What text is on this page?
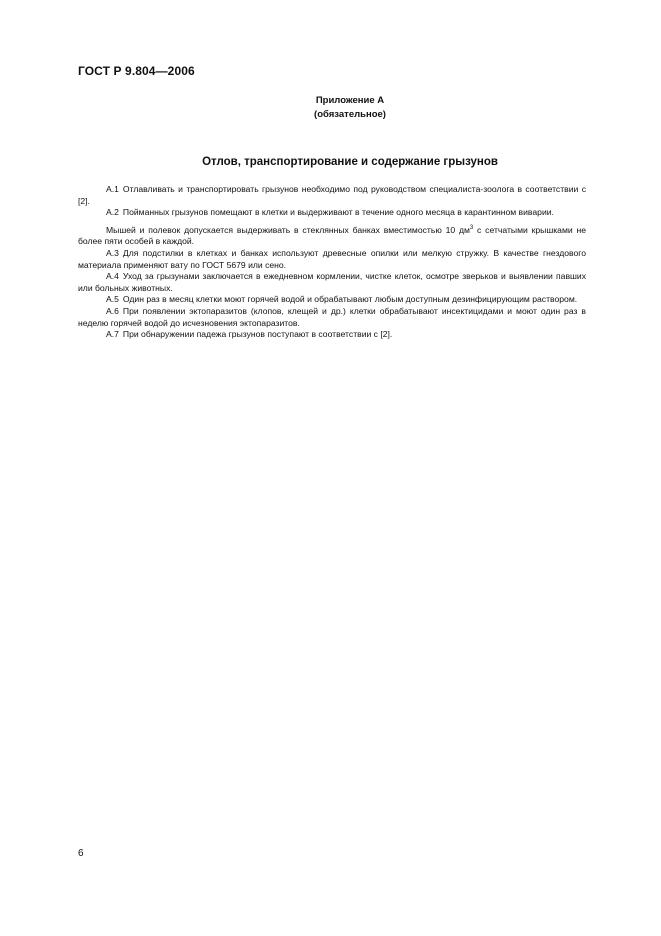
ГОСТ Р 9.804—2006
Приложение А
(обязательное)
Отлов, транспортирование и содержание грызунов

А.1 Отлавливать и транспортировать грызунов необходимо под руководством специалиста-зоолога в соответствии с [2].

А.2 Пойманных грызунов помещают в клетки и выдерживают в течение одного месяца в карантинном виварии.

Мышей и полевок допускается выдерживать в стеклянных банках вместимостью 10 $дм^3$ с сетчатыми крышками не более пяти особей в каждой.

А.3 Для подстилки в клетках и банках используют древесные опилки или мелкую стружку. В качестве гнездового материала применяют вату по ГОСТ 5679 или сено.

А.4 Уход за грызунами заключается в ежедневном кормлении, чистке клеток, осмотре зверьков и выявлении павших или больных животных.

А.5 Один раз в месяц клетки моют горячей водой и обрабатывают любым доступным дезинфицирующим раствором.

А.6 При появлении эктопаразитов (клопов, клещей и др.) клетки обрабатывают инсектицидами и моют один раз в неделю горячей водой до исчезновения эктопаразитов.

А.7 При обнаружении падежа грызунов поступают в соответствии с [2].

6
